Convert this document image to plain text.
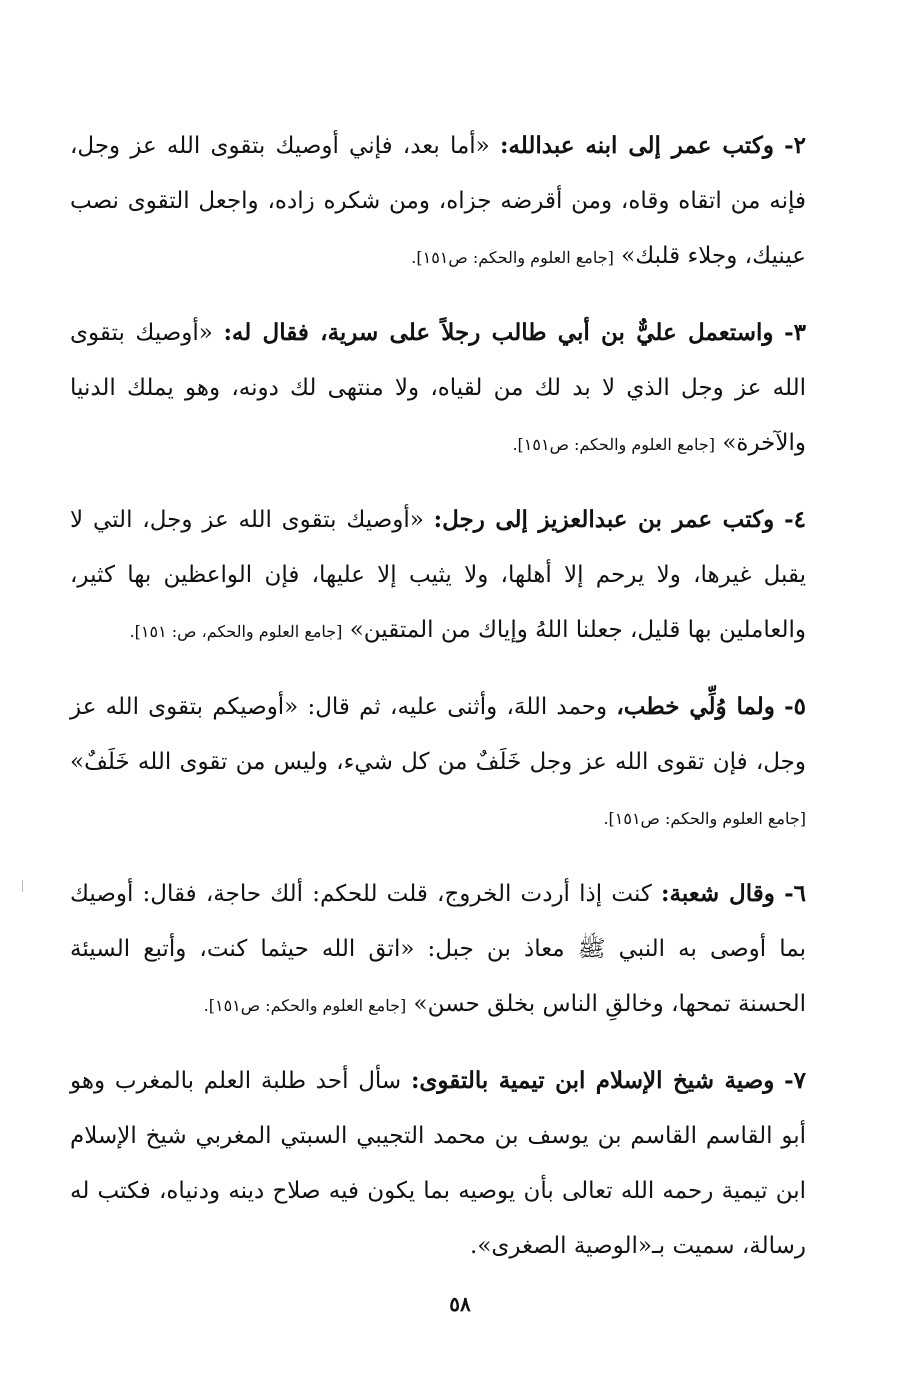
٢- وكتب عمر إلى ابنه عبدالله: «أما بعد، فإني أوصيك بتقوى الله عز وجل، فإنه من اتقاه وقاه، ومن أقرضه جزاه، ومن شكره زاده، واجعل التقوى نصب عينيك، وجلاء قلبك» [جامع العلوم والحكم: ص١٥١].

٣- واستعمل عليٌّ بن أبي طالب رجلاً على سرية، فقال له: «أوصيك بتقوى الله عز وجل الذي لا بد لك من لقياه، ولا منتهى لك دونه، وهو يملك الدنيا والآخرة» [جامع العلوم والحكم: ص١٥١].

٤- وكتب عمر بن عبدالعزيز إلى رجل: «أوصيك بتقوى الله عز وجل، التي لا يقبل غيرها، ولا يرحم إلا أهلها، ولا يثيب إلا عليها، فإن الواعظين بها كثير، والعاملين بها قليل، جعلنا اللهُ وإياك من المتقين» [جامع العلوم والحكم، ص: ١٥١].

٥- ولما وُلِّي خطب، وحمد اللهَ، وأثنى عليه، ثم قال: «أوصيكم بتقوى الله عز وجل، فإن تقوى الله عز وجل خَلَفٌ من كل شيء، وليس من تقوى الله خَلَفٌ» [جامع العلوم والحكم: ص١٥١].

٦- وقال شعبة: كنت إذا أردت الخروج، قلت للحكم: ألك حاجة، فقال: أوصيك بما أوصى به النبي ﷺ معاذ بن جبل: «اتق الله حيثما كنت، وأتبع السيئة الحسنة تمحها، وخالقِ الناس بخلق حسن» [جامع العلوم والحكم: ص١٥١].

٧- وصية شيخ الإسلام ابن تيمية بالتقوى: سأل أحد طلبة العلم بالمغرب وهو أبو القاسم القاسم بن يوسف بن محمد التجيبي السبتي المغربي شيخ الإسلام ابن تيمية رحمه الله تعالى بأن يوصيه بما يكون فيه صلاح دينه ودنياه، فكتب له رسالة، سميت بـ«الوصية الصغرى».

٥٨
